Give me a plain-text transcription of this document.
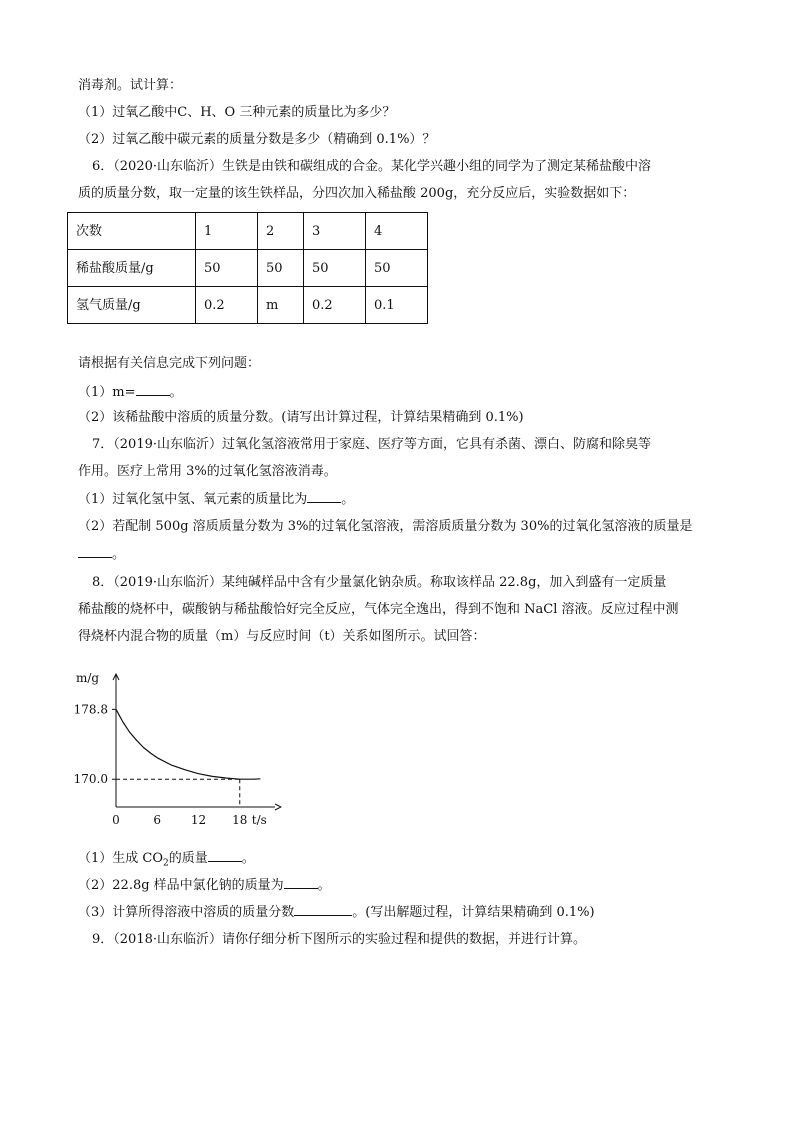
消毒剂。试计算：
（1）过氧乙酸中C、H、O 三种元素的质量比为多少？
（2）过氧乙酸中碳元素的质量分数是多少（精确到 0.1%）？
6．（2020·山东临沂）生铁是由铁和碳组成的合金。某化学兴趣小组的同学为了测定某稀盐酸中溶
质的质量分数，取一定量的该生铁样品，分四次加入稀盐酸 200g，充分反应后，实验数据如下：
次数	1	2	3	4
稀盐酸质量/g	50	50	50	50
氢气质量/g	0.2	m	0.2	0.1
请根据有关信息完成下列问题：
（1）m=	。
（2）该稀盐酸中溶质的质量分数。(请写出计算过程，计算结果精确到 0.1%)
7．（2019·山东临沂）过氧化氢溶液常用于家庭、医疗等方面，它具有杀菌、漂白、防腐和除臭等
作用。医疗上常用 3%的过氧化氢溶液消毒。
（1）过氧化氢中氢、氧元素的质量比为	。
（2）若配制 500g 溶质质量分数为 3%的过氧化氢溶液，需溶质质量分数为 30%的过氧化氢溶液的质量是
。
8．（2019·山东临沂）某纯碱样品中含有少量氯化钠杂质。称取该样品 22.8g，加入到盛有一定质量
稀盐酸的烧杯中，碳酸钠与稀盐酸恰好完全反应，气体完全逸出，得到不饱和 NaCl 溶液。反应过程中测
得烧杯内混合物的质量（m）与反应时间（t）关系如图所示。试回答：
m/g
t/s
0	6 12 18
178.8
170.0
（1）生成 $CO_2$的质量	。
（2）22.8g 样品中氯化钠的质量为	。
（3）计算所得溶液中溶质的质量分数	。(写出解题过程，计算结果精确到 0.1%)
9．（2018·山东临沂）请你仔细分析下图所示的实验过程和提供的数据，并进行计算。
